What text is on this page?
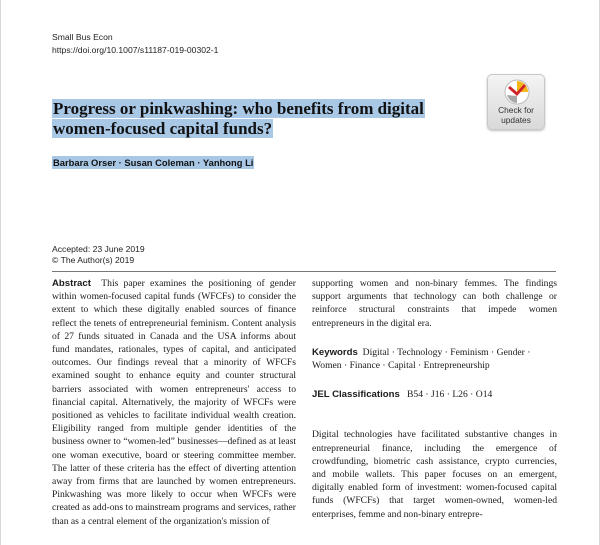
Small Bus Econ
https://doi.org/10.1007/s11187-019-00302-1
Check for
updates
Progress or pinkwashing: who benefits from digital women-focused capital funds?
Barbara Orser · Susan Coleman · Yanhong Li
Accepted: 23 June 2019
© The Author(s) 2019

Abstract This paper examines the positioning of gender within women-focused capital funds (WFCFs) to consider the extent to which these digitally enabled sources of finance reflect the tenets of entrepreneurial feminism. Content analysis of 27 funds situated in Canada and the USA informs about fund mandates, rationales, types of capital, and anticipated outcomes. Our findings reveal that a minority of WFCFs examined sought to enhance equity and counter structural barriers associated with women entrepreneurs' access to financial capital. Alternatively, the majority of WFCFs were positioned as vehicles to facilitate individual wealth creation. Eligibility ranged from multiple gender identities of the business owner to “women-led” businesses—defined as at least one woman executive, board or steering committee member. The latter of these criteria has the effect of diverting attention away from firms that are launched by women entrepreneurs. Pinkwashing was more likely to occur when WFCFs were created as add-ons to mainstream programs and services, rather than as a central element of the organization's mission of

supporting women and non-binary femmes. The findings support arguments that technology can both challenge or reinforce structural constraints that impede women entrepreneurs in the digital era.

Keywords Digital · Technology · Feminism · Gender · Women · Finance · Capital · Entrepreneurship

JEL Classifications B54 · J16 · L26 · O14

Digital technologies have facilitated substantive changes in entrepreneurial finance, including the emergence of crowdfunding, biometric cash assistance, crypto currencies, and mobile wallets. This paper focuses on an emergent, digitally enabled form of investment: women-focused capital funds (WFCFs) that target women-owned, women-led enterprises, femme and non-binary entrepre-
